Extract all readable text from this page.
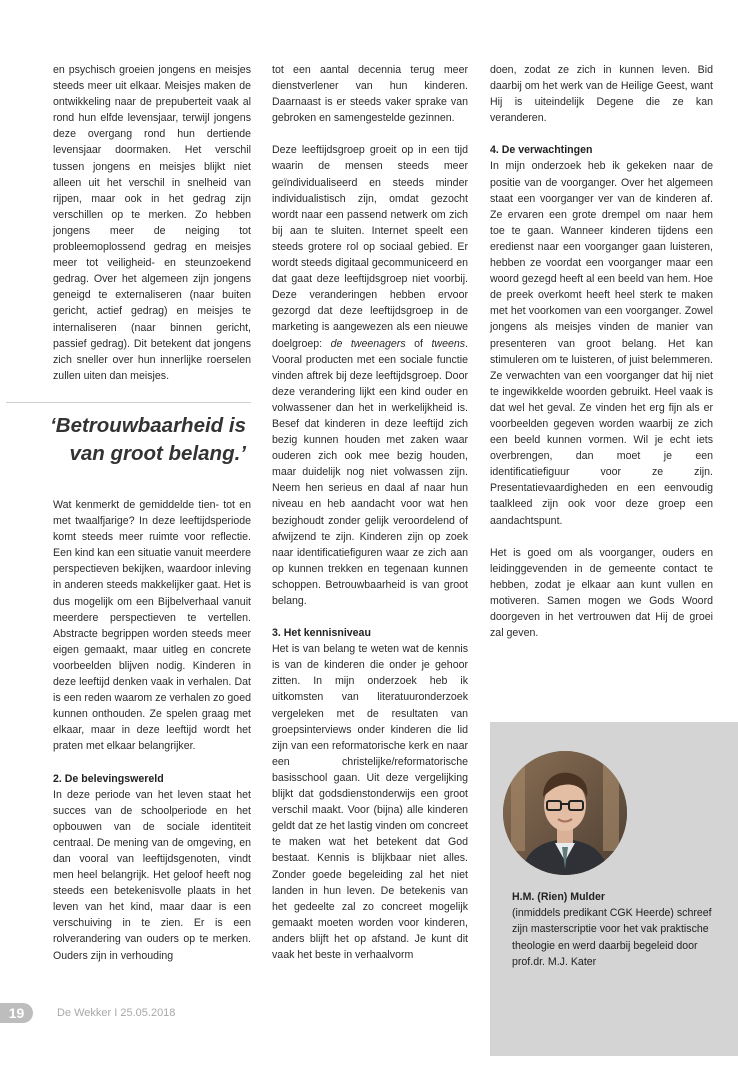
en psychisch groeien jongens en meisjes steeds meer uit elkaar. Meisjes maken de ontwikkeling naar de prepuberteit vaak al rond hun elfde levensjaar, terwijl jongens deze overgang rond hun dertiende levensjaar doormaken. Het verschil tussen jongens en meisjes blijkt niet alleen uit het verschil in snelheid van rijpen, maar ook in het gedrag zijn verschillen op te merken. Zo hebben jongens meer de neiging tot probleemoplossend gedrag en meisjes meer tot veiligheid- en steunzoekend gedrag. Over het algemeen zijn jongens geneigd te externaliseren (naar buiten gericht, actief gedrag) en meisjes te internaliseren (naar binnen gericht, passief gedrag). Dit betekent dat jongens zich sneller over hun innerlijke roerselen zullen uiten dan meisjes.

‘Betrouwbaarheid is van groot belang.’

Wat kenmerkt de gemiddelde tien- tot en met twaalfjarige? In deze leeftijdsperiode komt steeds meer ruimte voor reflectie. Een kind kan een situatie vanuit meerdere perspectieven bekijken, waardoor inleving in anderen steeds makkelijker gaat. Het is dus mogelijk om een Bijbelverhaal vanuit meerdere perspectieven te vertellen. Abstracte begrippen worden steeds meer eigen gemaakt, maar uitleg en concrete voorbeelden blijven nodig. Kinderen in deze leeftijd denken vaak in verhalen. Dat is een reden waarom ze verhalen zo goed kunnen onthouden. Ze spelen graag met elkaar, maar in deze leeftijd wordt het praten met elkaar belangrijker.

2. De belevingswereld

In deze periode van het leven staat het succes van de schoolperiode en het opbouwen van de sociale identiteit centraal. De mening van de omgeving, en dan vooral van leeftijdsgenoten, vindt men heel belangrijk. Het geloof heeft nog steeds een betekenisvolle plaats in het leven van het kind, maar daar is een verschuiving in te zien. Er is een rolverandering van ouders op te merken. Ouders zijn in verhouding

tot een aantal decennia terug meer dienstverlener van hun kinderen. Daarnaast is er steeds vaker sprake van gebroken en samengestelde gezinnen.

Deze leeftijdsgroep groeit op in een tijd waarin de mensen steeds meer geïndividualiseerd en steeds minder individualistisch zijn, omdat gezocht wordt naar een passend netwerk om zich bij aan te sluiten. Internet speelt een steeds grotere rol op sociaal gebied. Er wordt steeds digitaal gecommuniceerd en dat gaat deze leeftijdsgroep niet voorbij. Deze veranderingen hebben ervoor gezorgd dat deze leeftijdsgroep in de marketing is aangewezen als een nieuwe doelgroep: de tweenagers of tweens. Vooral producten met een sociale functie vinden aftrek bij deze leeftijdsgroep. Door deze verandering lijkt een kind ouder en volwassener dan het in werkelijkheid is. Besef dat kinderen in deze leeftijd zich bezig kunnen houden met zaken waar ouderen zich ook mee bezig houden, maar duidelijk nog niet volwassen zijn. Neem hen serieus en daal af naar hun niveau en heb aandacht voor wat hen bezighoudt zonder gelijk veroordelend of afwijzend te zijn. Kinderen zijn op zoek naar identificatiefiguren waar ze zich aan op kunnen trekken en tegenaan kunnen schoppen. Betrouwbaarheid is van groot belang.

3. Het kennisniveau

Het is van belang te weten wat de kennis is van de kinderen die onder je gehoor zitten. In mijn onderzoek heb ik uitkomsten van literatuuronderzoek vergeleken met de resultaten van groepsinterviews onder kinderen die lid zijn van een reformatorische kerk en naar een christelijke/reformatorische basisschool gaan. Uit deze vergelijking blijkt dat godsdienstonderwijs een groot verschil maakt. Voor (bijna) alle kinderen geldt dat ze het lastig vinden om concreet te maken wat het betekent dat God bestaat. Kennis is blijkbaar niet alles. Zonder goede begeleiding zal het niet landen in hun leven. De betekenis van het gedeelte zal zo concreet mogelijk gemaakt moeten worden voor kinderen, anders blijft het op afstand. Je kunt dit vaak het beste in verhaalvorm

doen, zodat ze zich in kunnen leven. Bid daarbij om het werk van de Heilige Geest, want Hij is uiteindelijk Degene die ze kan veranderen.

4. De verwachtingen

In mijn onderzoek heb ik gekeken naar de positie van de voorganger. Over het algemeen staat een voorganger ver van de kinderen af. Ze ervaren een grote drempel om naar hem toe te gaan. Wanneer kinderen tijdens een eredienst naar een voorganger gaan luisteren, hebben ze voordat een voorganger maar een woord gezegd heeft al een beeld van hem. Hoe de preek overkomt heeft heel sterk te maken met het voorkomen van een voorganger. Zowel jongens als meisjes vinden de manier van presenteren van groot belang. Het kan stimuleren om te luisteren, of juist belemmeren. Ze verwachten van een voorganger dat hij niet te ingewikkelde woorden gebruikt. Heel vaak is dat wel het geval. Ze vinden het erg fijn als er voorbeelden gegeven worden waarbij ze zich een beeld kunnen vormen. Wil je echt iets overbrengen, dan moet je een identificatiefiguur voor ze zijn. Presentatievaardigheden en een eenvoudig taalkleed zijn ook voor deze groep een aandachtspunt.

Het is goed om als voorganger, ouders en leidinggevenden in de gemeente contact te hebben, zodat je elkaar aan kunt vullen en motiveren. Samen mogen we Gods Woord doorgeven in het vertrouwen dat Hij de groei zal geven.

H.M. (Rien) Mulder
(inmiddels predikant CGK Heerde) schreef zijn masterscriptie voor het vak praktische theologie en werd daarbij begeleid door prof.dr. M.J. Kater
19	De Wekker I 25.05.2018
